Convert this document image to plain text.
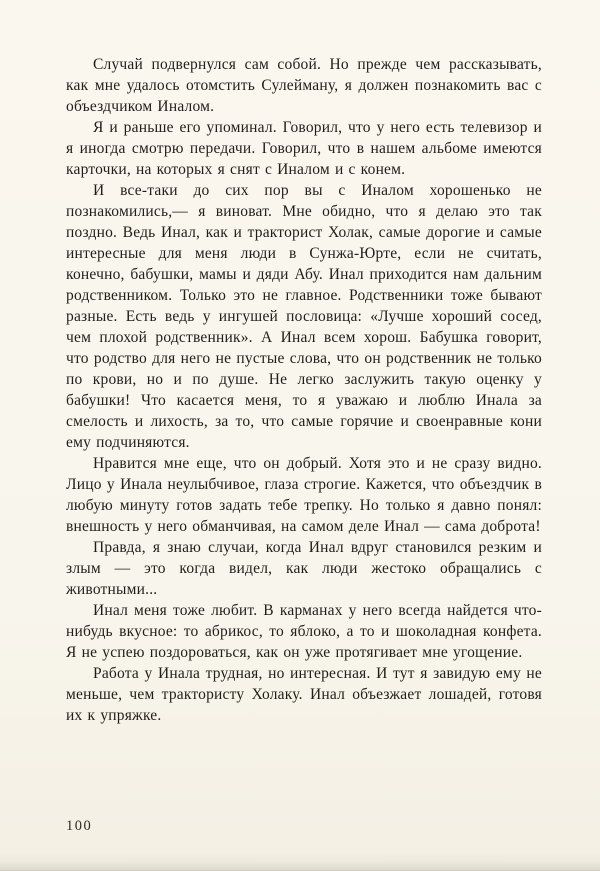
Случай подвернулся сам собой. Но прежде чем рассказывать, как мне удалось отомстить Сулейману, я должен познакомить вас с объездчиком Иналом.

Я и раньше его упоминал. Говорил, что у него есть телевизор и я иногда смотрю передачи. Говорил, что в нашем альбоме имеются карточки, на которых я снят с Иналом и с конем.

И все-таки до сих пор вы с Иналом хорошенько не познакомились,— я виноват. Мне обидно, что я делаю это так поздно. Ведь Инал, как и тракторист Холак, самые дорогие и самые интересные для меня люди в Сунжа-Юрте, если не считать, конечно, бабушки, мамы и дяди Абу. Инал приходится нам дальним родственником. Только это не главное. Родственники тоже бывают разные. Есть ведь у ингушей пословица: «Лучше хороший сосед, чем плохой родственник». А Инал всем хорош. Бабушка говорит, что родство для него не пустые слова, что он родственник не только по крови, но и по душе. Не легко заслужить такую оценку у бабушки! Что касается меня, то я уважаю и люблю Инала за смелость и лихость, за то, что самые горячие и своенравные кони ему подчиняются.

Нравится мне еще, что он добрый. Хотя это и не сразу видно. Лицо у Инала неулыбчивое, глаза строгие. Кажется, что объездчик в любую минуту готов задать тебе трепку. Но только я давно понял: внешность у него обманчивая, на самом деле Инал — сама доброта!

Правда, я знаю случаи, когда Инал вдруг становился резким и злым — это когда видел, как люди жестоко обращались с животными...

Инал меня тоже любит. В карманах у него всегда найдется что-нибудь вкусное: то абрикос, то яблоко, а то и шоколадная конфета. Я не успею поздороваться, как он уже протягивает мне угощение.

Работа у Инала трудная, но интересная. И тут я завидую ему не меньше, чем трактористу Холаку. Инал объезжает лошадей, готовя их к упряжке.

100
